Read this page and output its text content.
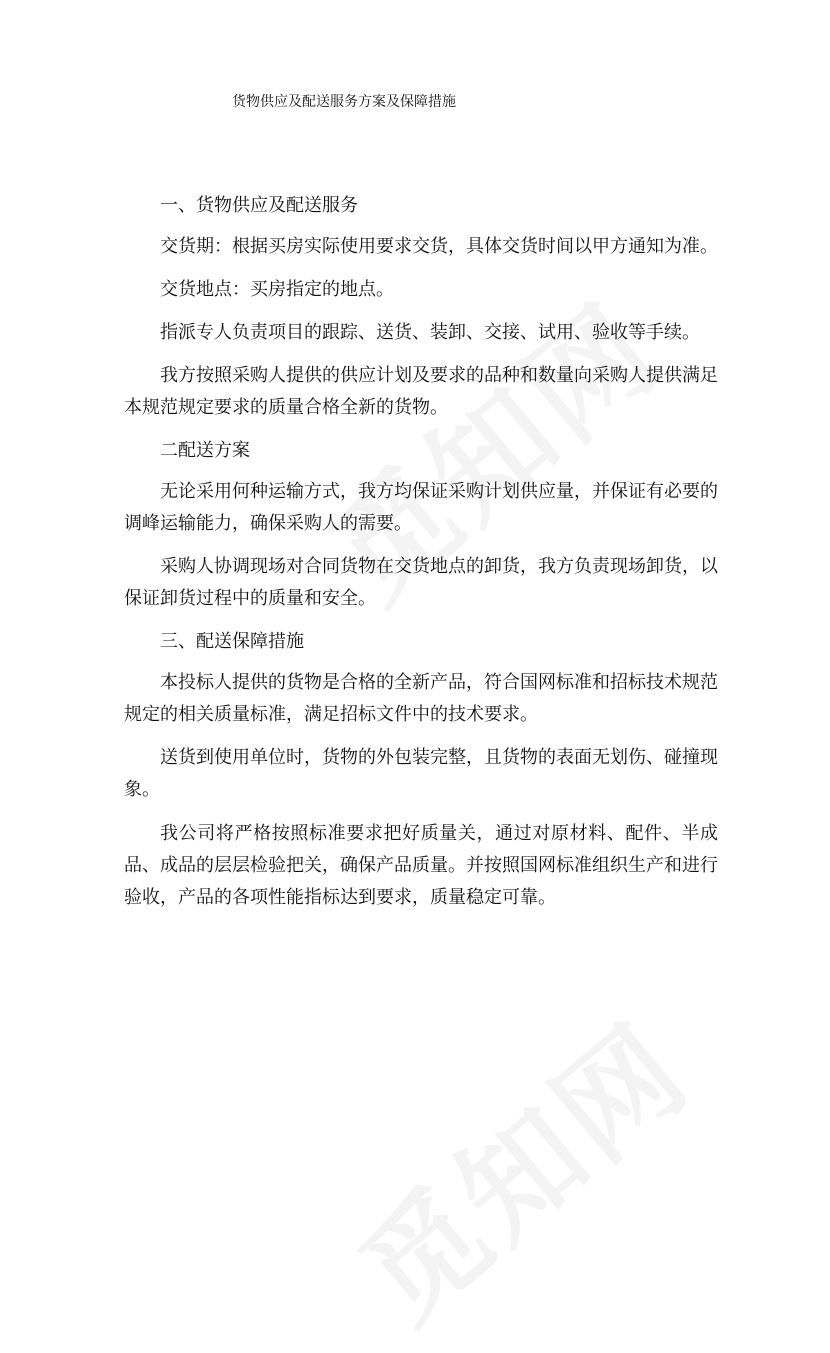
货物供应及配送服务方案及保障措施

一、货物供应及配送服务

交货期：根据买房实际使用要求交货，具体交货时间以甲方通知为准。

交货地点：买房指定的地点。

指派专人负责项目的跟踪、送货、装卸、交接、试用、验收等手续。

我方按照采购人提供的供应计划及要求的品种和数量向采购人提供满足本规范规定要求的质量合格全新的货物。

二配送方案

无论采用何种运输方式，我方均保证采购计划供应量，并保证有必要的调峰运输能力，确保采购人的需要。

采购人协调现场对合同货物在交货地点的卸货，我方负责现场卸货，以保证卸货过程中的质量和安全。

三、配送保障措施

本投标人提供的货物是合格的全新产品，符合国网标准和招标技术规范规定的相关质量标准，满足招标文件中的技术要求。

送货到使用单位时，货物的外包装完整，且货物的表面无划伤、碰撞现象。

我公司将严格按照标准要求把好质量关，通过对原材料、配件、半成品、成品的层层检验把关，确保产品质量。并按照国网标准组织生产和进行验收，产品的各项性能指标达到要求，质量稳定可靠。
